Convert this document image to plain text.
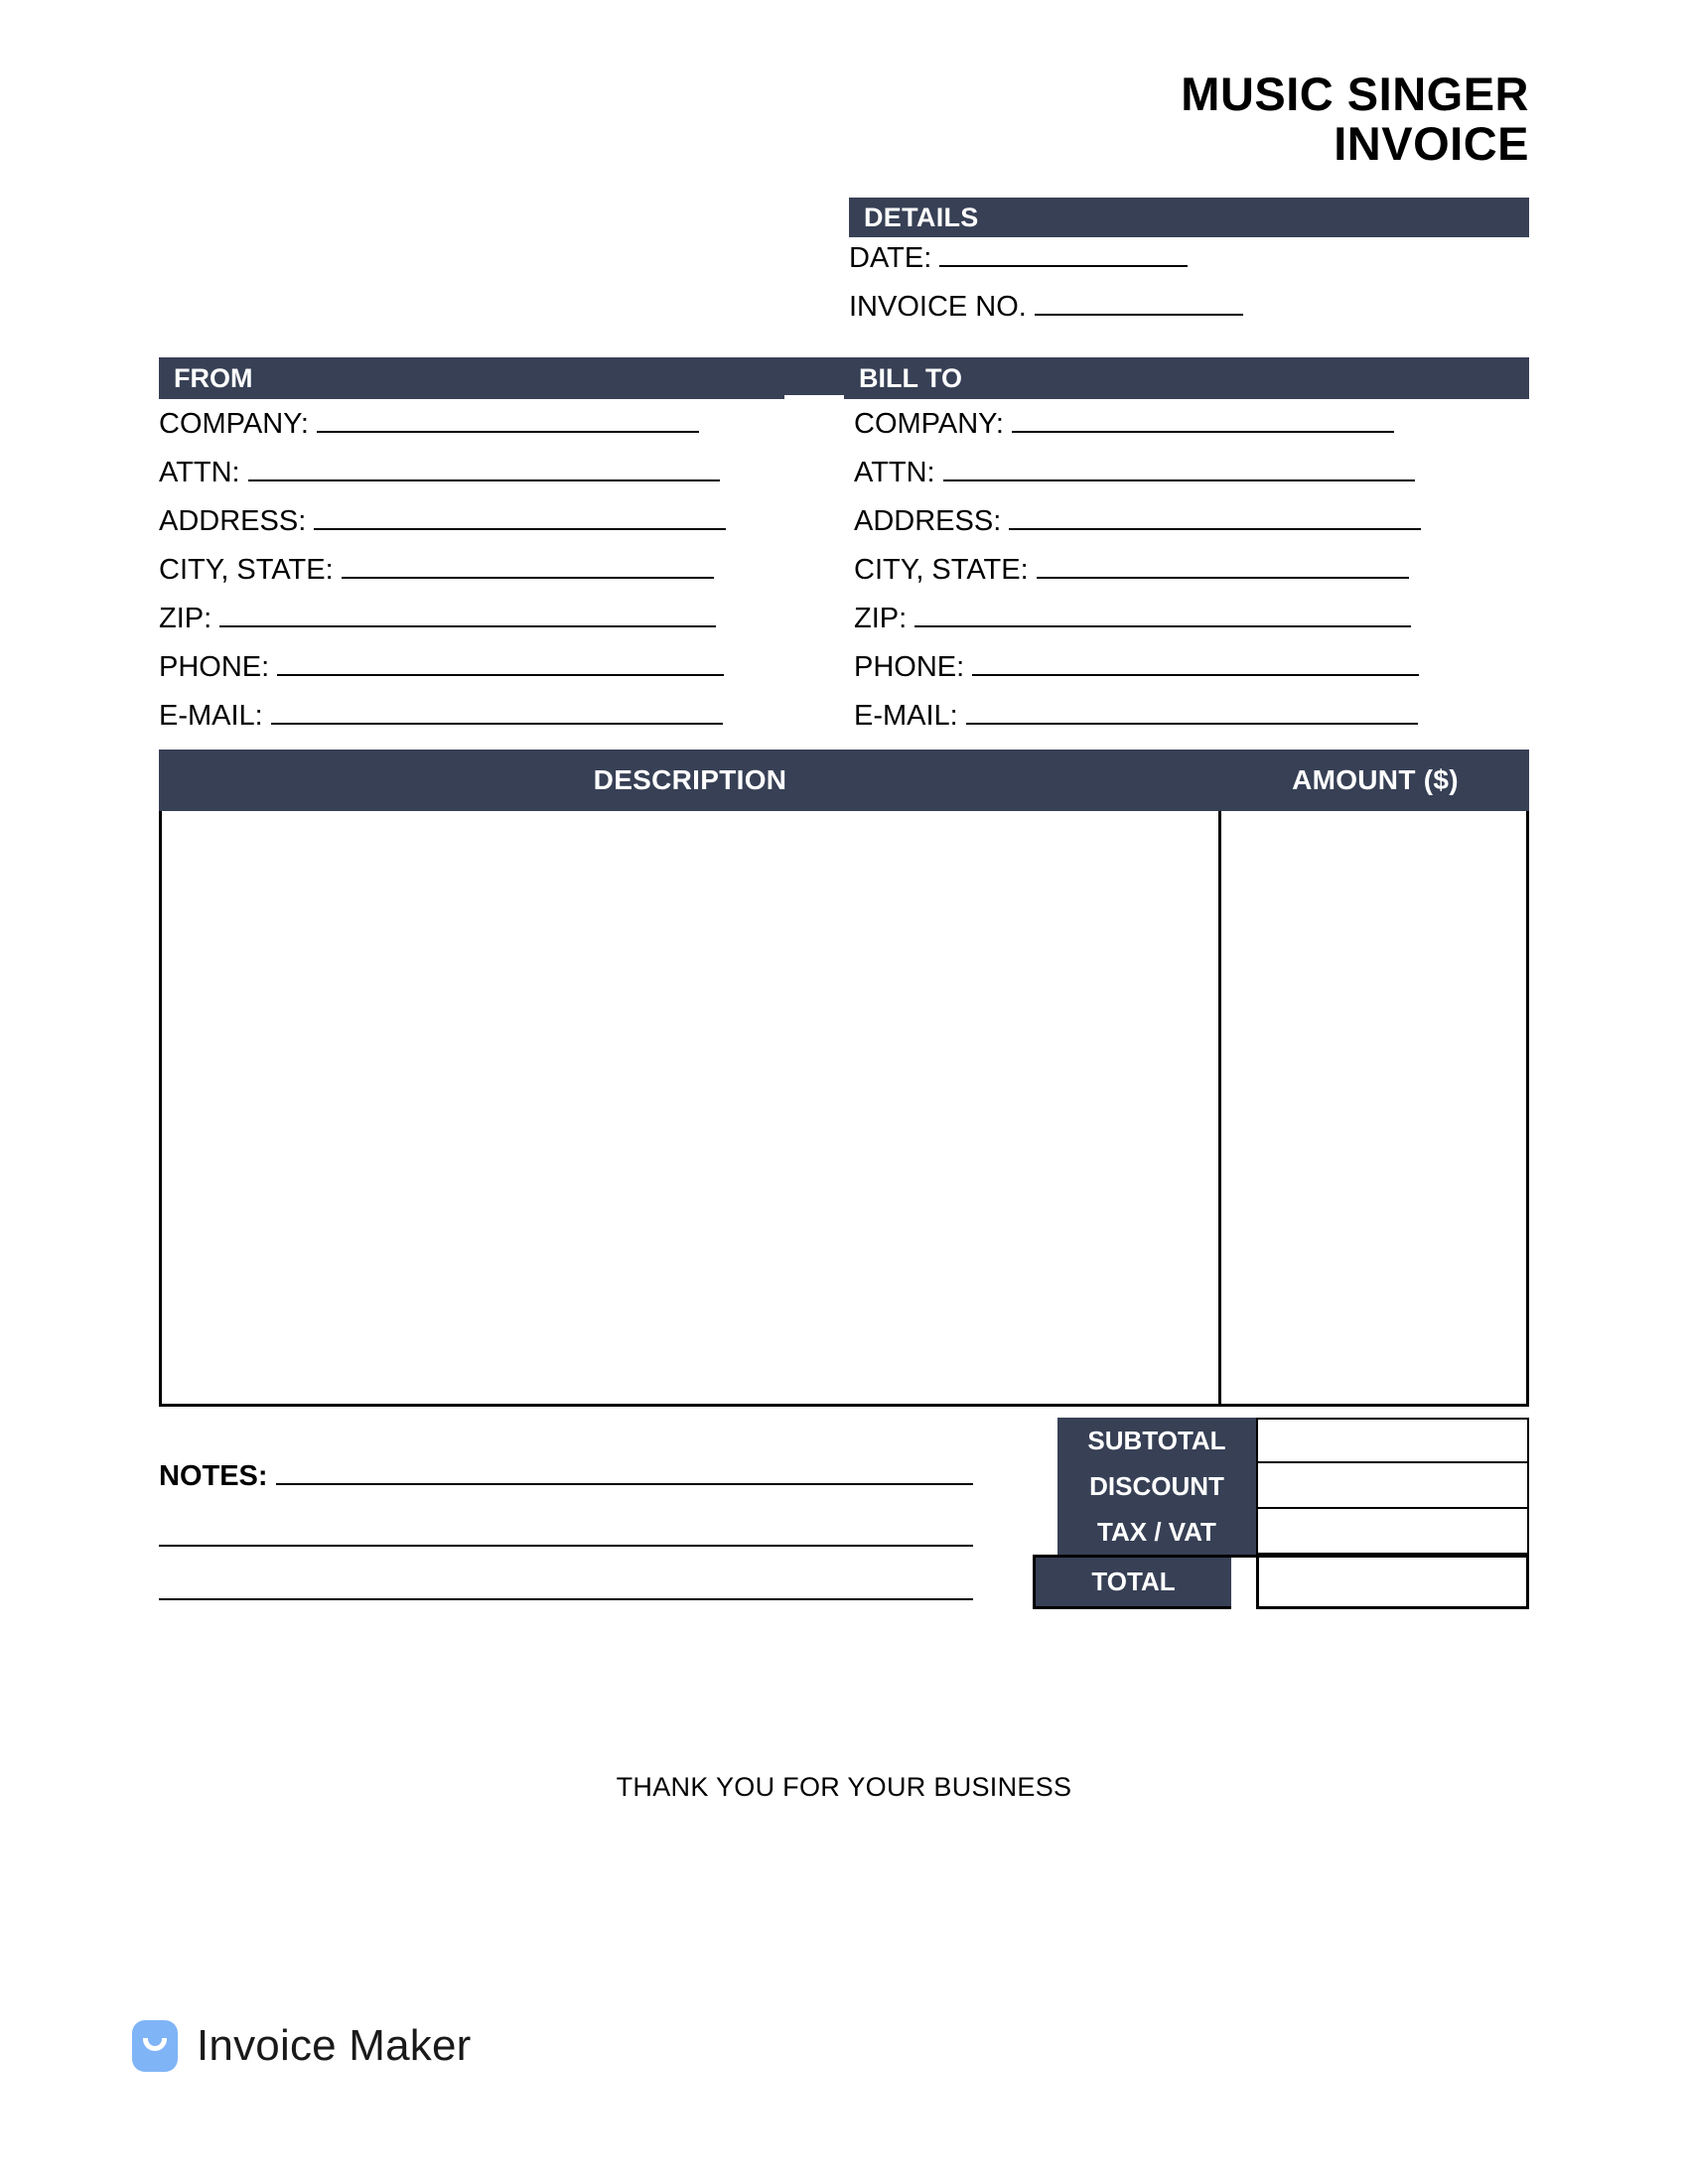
MUSIC SINGER
INVOICE
DETAILS
DATE:
INVOICE NO.
FROM	BILL TO
COMPANY:
ATTN:
ADDRESS:
CITY, STATE:
ZIP:
PHONE:
E-MAIL:
COMPANY:
ATTN:
ADDRESS:
CITY, STATE:
ZIP:
PHONE:
E-MAIL:
DESCRIPTION	AMOUNT ($)
SUBTOTAL
DISCOUNT
TAX / VAT
TOTAL
NOTES:
THANK YOU FOR YOUR BUSINESS
Invoice Maker
